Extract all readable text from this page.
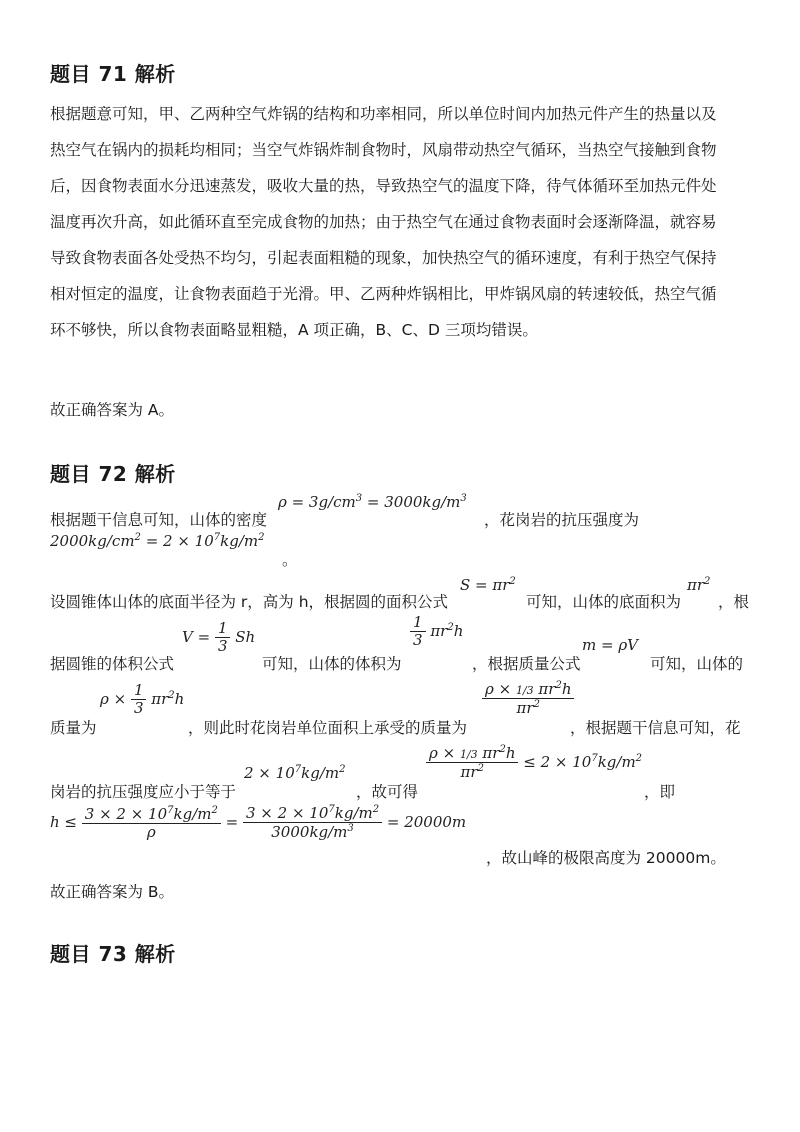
题目 71 解析
根据题意可知，甲、乙两种空气炸锅的结构和功率相同，所以单位时间内加热元件产生的热量以及
热空气在锅内的损耗均相同；当空气炸锅炸制食物时，风扇带动热空气循环，当热空气接触到食物
后，因食物表面水分迅速蒸发，吸收大量的热，导致热空气的温度下降，待气体循环至加热元件处
温度再次升高，如此循环直至完成食物的加热；由于热空气在通过食物表面时会逐渐降温，就容易
导致食物表面各处受热不均匀，引起表面粗糙的现象，加快热空气的循环速度，有利于热空气保持
相对恒定的温度，让食物表面趋于光滑。甲、乙两种炸锅相比，甲炸锅风扇的转速较低，热空气循
环不够快，所以食物表面略显粗糙，A 项正确，B、C、D 三项均错误。
故正确答案为 A。
题目 72 解析
根据题干信息可知，山体的密度
$\rho = 3g/cm^3 = 3000kg/m^3$
，花岗岩的抗压强度为
$2000kg/cm^2 = 2 \times 10^7kg/m^2$
。
设圆锥体山体的底面半径为 r，高为 h，根据圆的面积公式
$S = \pi r^2$
可知，山体的底面积为
$\pi r^2$
，根
据圆锥的体积公式
$V = \frac{1}{3}$ Sh
可知，山体的体积为
$\frac{1}{3} \pi r^2h$
，根据质量公式
m = ρV
可知，山体的
质量为
$\rho \times \frac{1}{3} \pi r^2h$
，则此时花岗岩单位面积上承受的质量为
$\frac{\rho \times 1/3 \pi r^2h}{\pi r^2}$
，根据题干信息可知，花
岗岩的抗压强度应小于等于
$2 \times 10^7kg/m^2$
，故可得
$\frac{\rho \times 1/3 \pi r^2h}{\pi r^2} \le 2 \times 10^7kg/m^2$
，即
$h \le \frac{3 \times 2 \times 10^7kg/m^2}{\rho} = \frac{3 \times 2 \times 10^7kg/m^2}{3000kg/m^3} = 20000m$
，故山峰的极限高度为 20000m。
故正确答案为 B。
题目 73 解析
